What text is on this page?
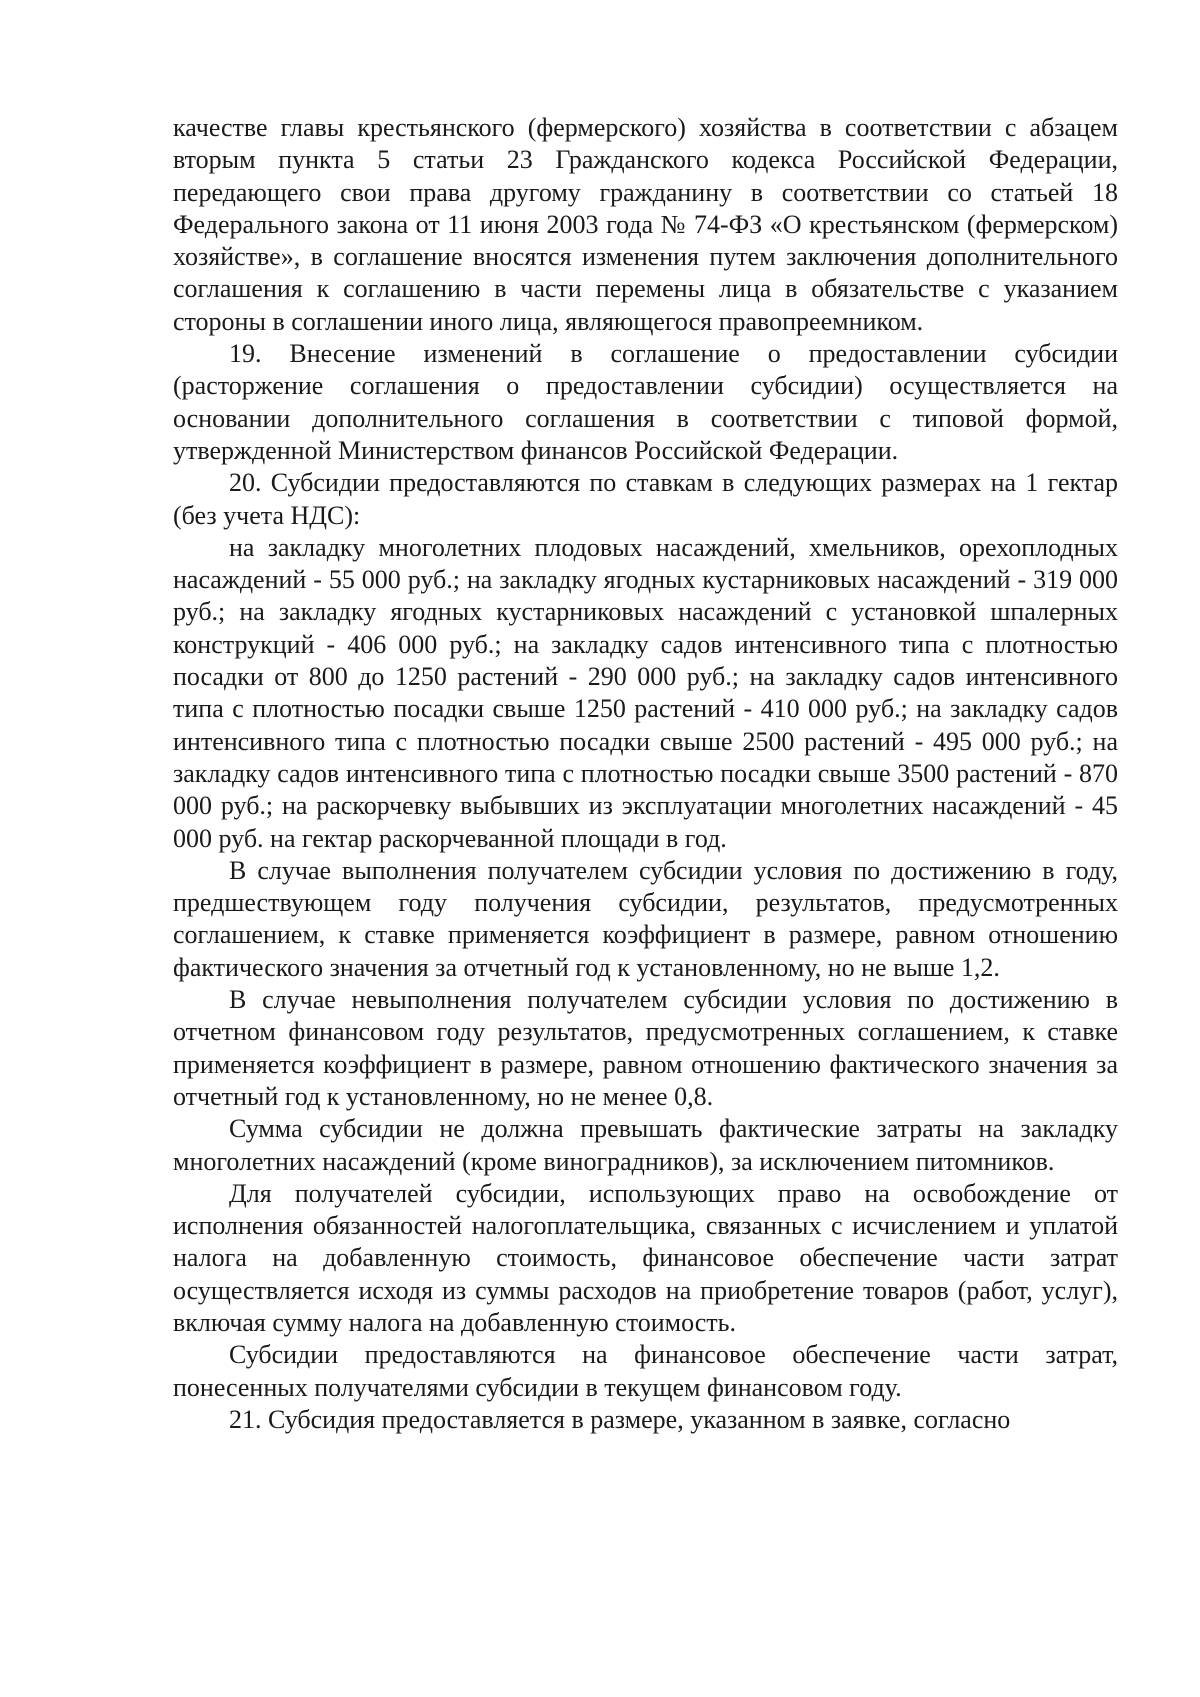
качестве главы крестьянского (фермерского) хозяйства в соответствии с абзацем вторым пункта 5 статьи 23 Гражданского кодекса Российской Федерации, передающего свои права другому гражданину в соответствии со статьей 18 Федерального закона от 11 июня 2003 года № 74-ФЗ «О крестьянском (фермерском) хозяйстве», в соглашение вносятся изменения путем заключения дополнительного соглашения к соглашению в части перемены лица в обязательстве с указанием стороны в соглашении иного лица, являющегося правопреемником.

19. Внесение изменений в соглашение о предоставлении субсидии (расторжение соглашения о предоставлении субсидии) осуществляется на основании дополнительного соглашения в соответствии с типовой формой, утвержденной Министерством финансов Российской Федерации.

20. Субсидии предоставляются по ставкам в следующих размерах на 1 гектар (без учета НДС):

на закладку многолетних плодовых насаждений, хмельников, орехоплодных насаждений - 55 000 руб.; на закладку ягодных кустарниковых насаждений - 319 000 руб.; на закладку ягодных кустарниковых насаждений с установкой шпалерных конструкций - 406 000 руб.; на закладку садов интенсивного типа с плотностью посадки от 800 до 1250 растений - 290 000 руб.; на закладку садов интенсивного типа с плотностью посадки свыше 1250 растений - 410 000 руб.; на закладку садов интенсивного типа с плотностью посадки свыше 2500 растений - 495 000 руб.; на закладку садов интенсивного типа с плотностью посадки свыше 3500 растений - 870 000 руб.; на раскорчевку выбывших из эксплуатации многолетних насаждений - 45 000 руб. на гектар раскорчеванной площади в год.

В случае выполнения получателем субсидии условия по достижению в году, предшествующем году получения субсидии, результатов, предусмотренных соглашением, к ставке применяется коэффициент в размере, равном отношению фактического значения за отчетный год к установленному, но не выше 1,2.

В случае невыполнения получателем субсидии условия по достижению в отчетном финансовом году результатов, предусмотренных соглашением, к ставке применяется коэффициент в размере, равном отношению фактического значения за отчетный год к установленному, но не менее 0,8.

Сумма субсидии не должна превышать фактические затраты на закладку многолетних насаждений (кроме виноградников), за исключением питомников.

Для получателей субсидии, использующих право на освобождение от исполнения обязанностей налогоплательщика, связанных с исчислением и уплатой налога на добавленную стоимость, финансовое обеспечение части затрат осуществляется исходя из суммы расходов на приобретение товаров (работ, услуг), включая сумму налога на добавленную стоимость.

Субсидии предоставляются на финансовое обеспечение части затрат, понесенных получателями субсидии в текущем финансовом году.

21. Субсидия предоставляется в размере, указанном в заявке, согласно
